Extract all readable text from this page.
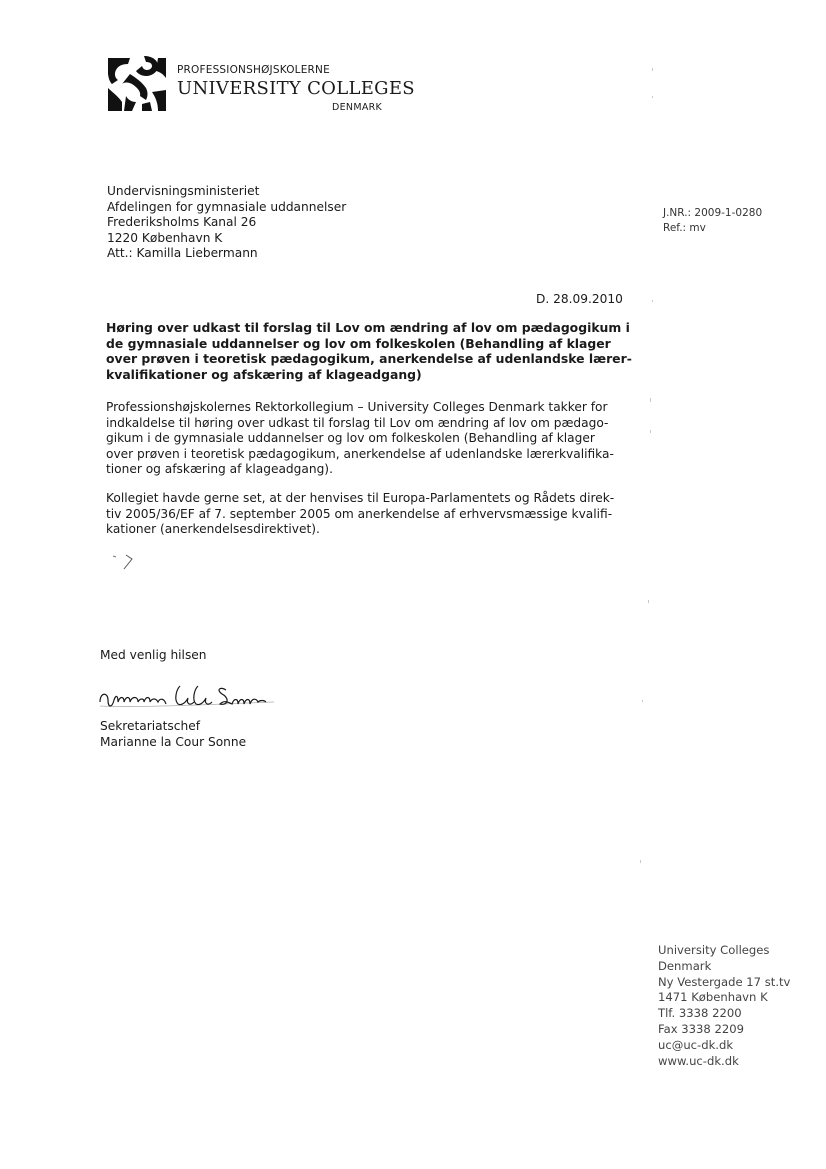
PROFESSIONSHØJSKOLERNE
UNIVERSITY COLLEGES
DENMARK
Undervisningsministeriet
Afdelingen for gymnasiale uddannelser
Frederiksholms Kanal 26
1220 København K
Att.: Kamilla Liebermann
J.NR.: 2009-1-0280
Ref.: mv
D. 28.09.2010
Høring over udkast til forslag til Lov om ændring af lov om pædagogikum i
de gymnasiale uddannelser og lov om folkeskolen (Behandling af klager
over prøven i teoretisk pædagogikum, anerkendelse af udenlandske lærer-
kvalifikationer og afskæring af klageadgang)
Professionshøjskolernes Rektorkollegium – University Colleges Denmark takker for
indkaldelse til høring over udkast til forslag til Lov om ændring af lov om pædago-
gikum i de gymnasiale uddannelser og lov om folkeskolen (Behandling af klager
over prøven i teoretisk pædagogikum, anerkendelse af udenlandske lærerkvalifika-
tioner og afskæring af klageadgang).
Kollegiet havde gerne set, at der henvises til Europa-Parlamentets og Rådets direk-
tiv 2005/36/EF af 7. september 2005 om anerkendelse af erhvervsmæssige kvalifi-
kationer (anerkendelsesdirektivet).
Med venlig hilsen
Sekretariatschef
Marianne la Cour Sonne
University Colleges
Denmark
Ny Vestergade 17 st.tv
1471 København K
Tlf. 3338 2200
Fax 3338 2209
uc@uc-dk.dk
www.uc-dk.dk
